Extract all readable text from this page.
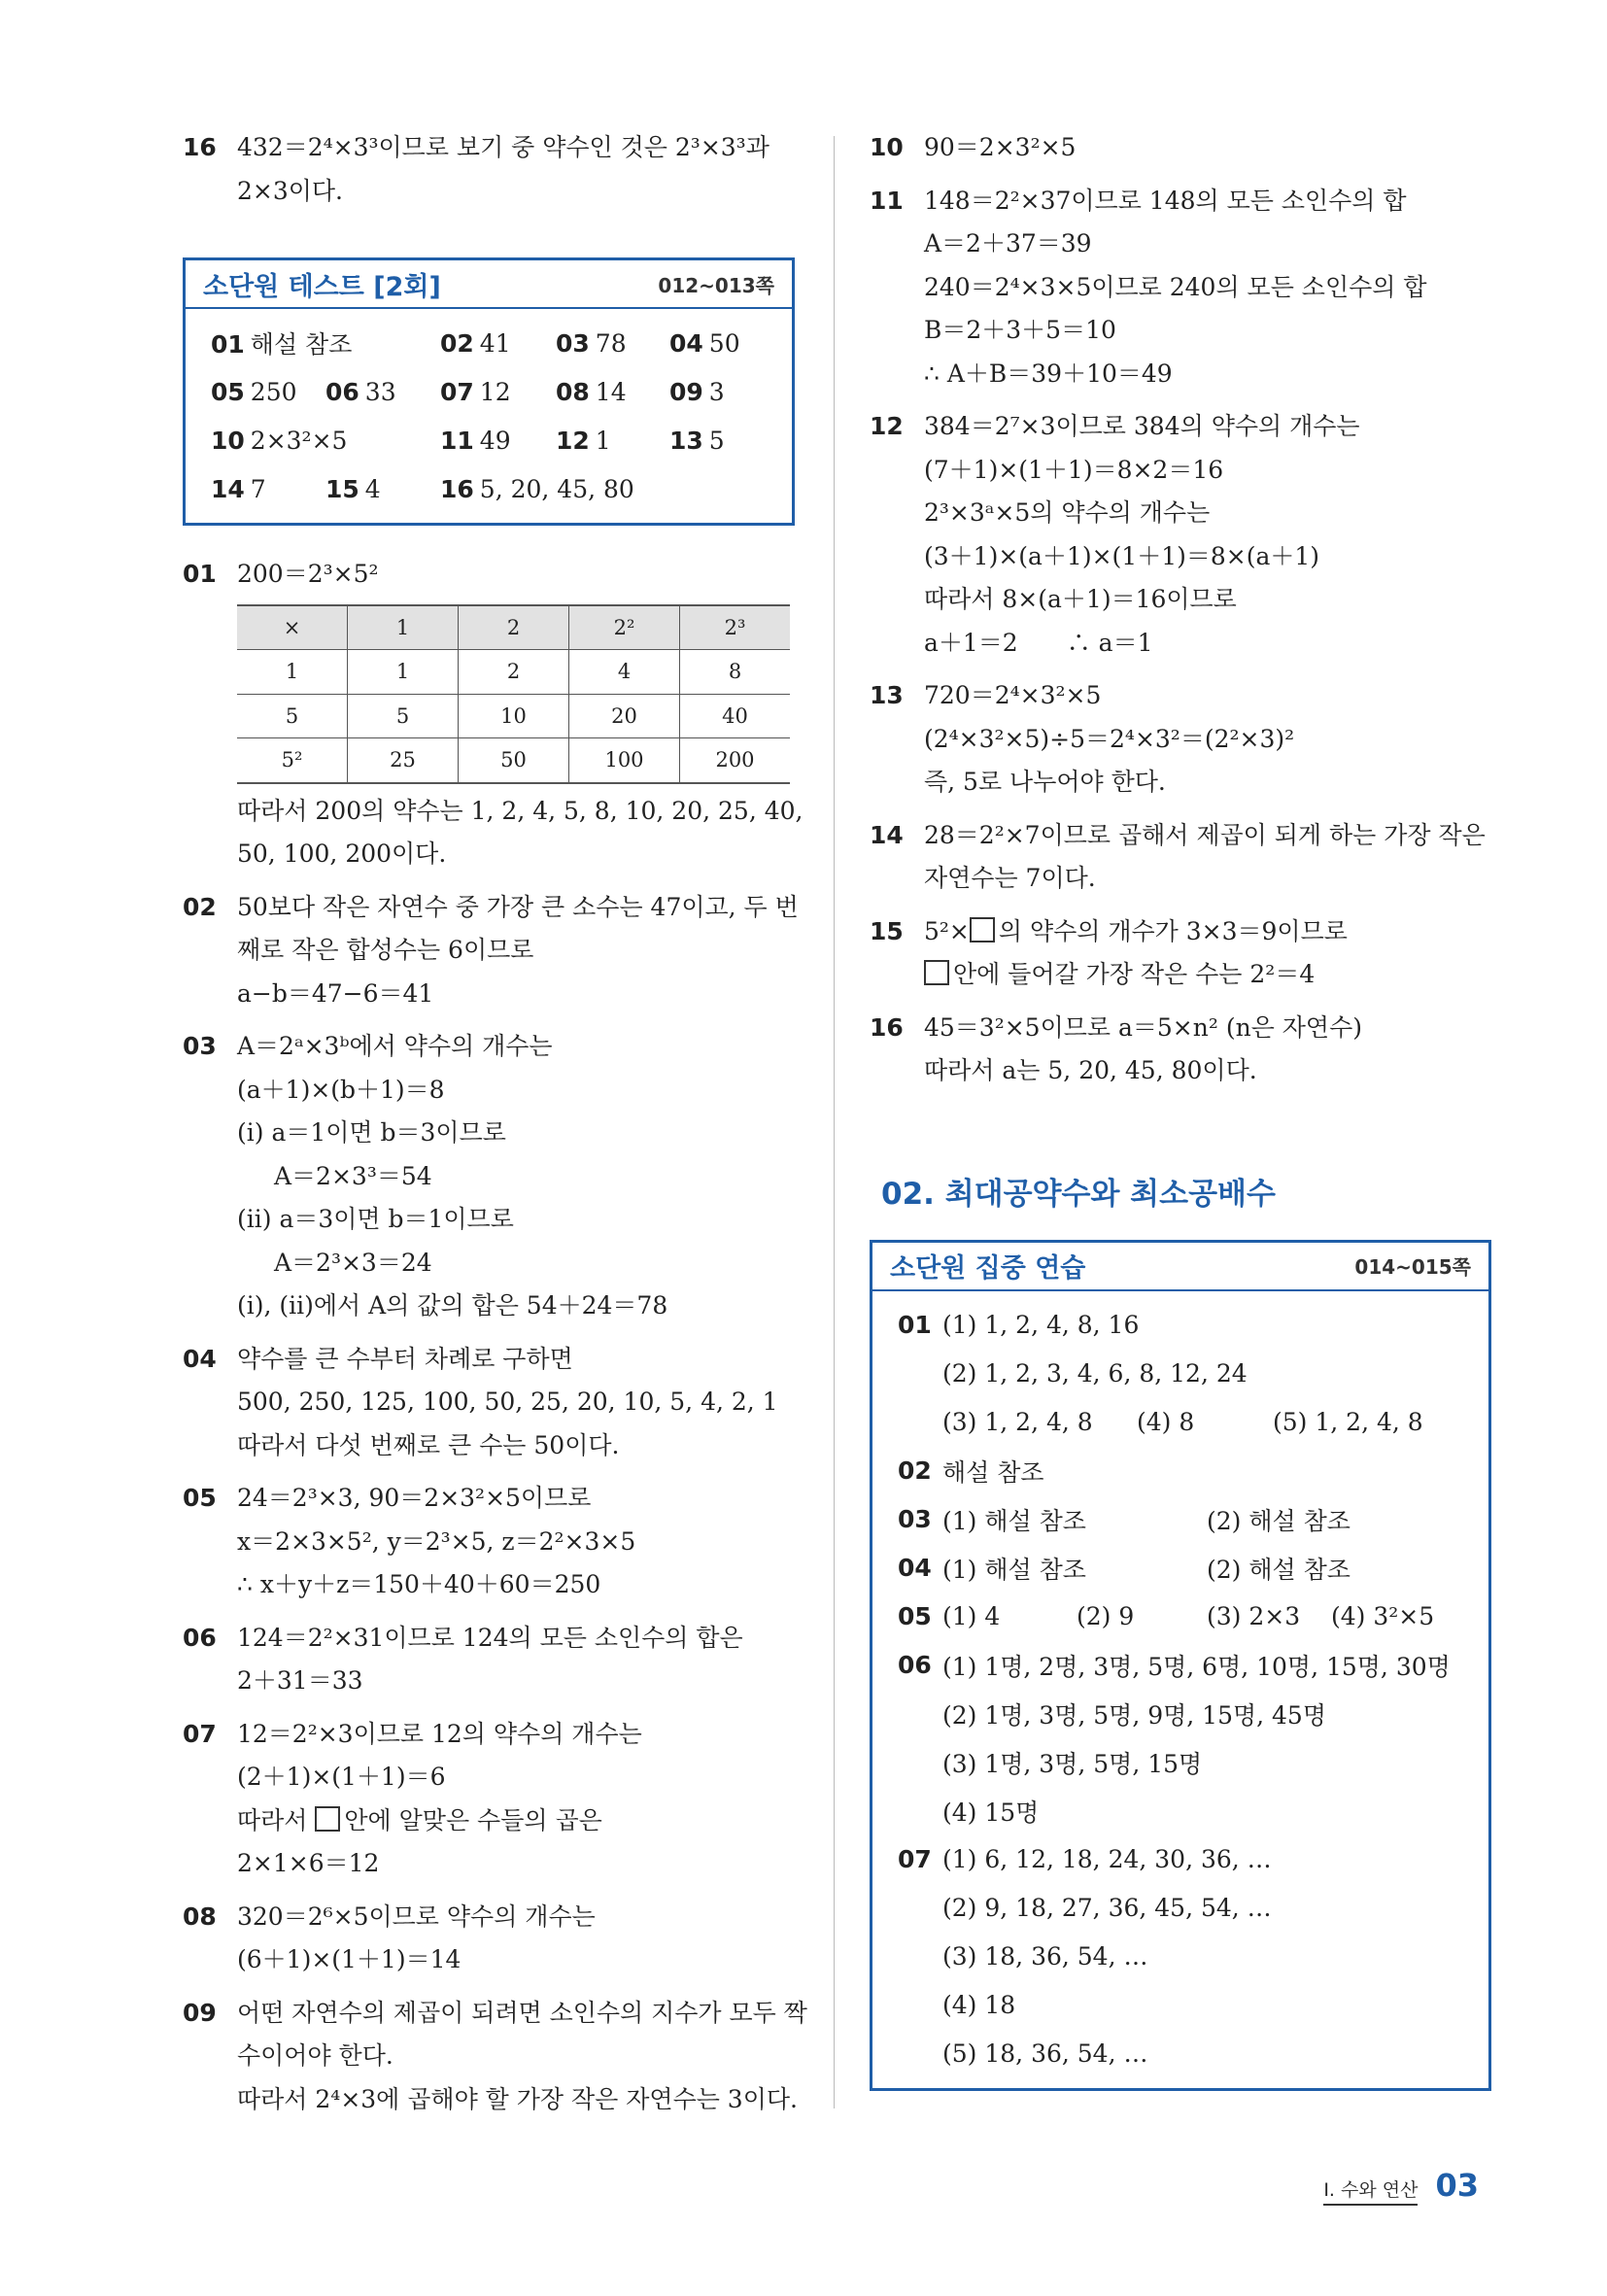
16 432＝2⁴×3³이므로 보기 중 약수인 것은 2³×3³과
2×3이다.
소단원 테스트 [2회]	012~013쪽
01 해설 참조	02 41 03 78 04 50
05 250 06 33 07 12 08 14 09 3
10 2×3²×5	11 49 12 1 13 5
14 7 15 4 16 5, 20, 45, 80
01 200＝2³×5²
×	1	2	2²	2³
1	1	2	4	8
5	5	10	20	40
5²	25	50	100	200
따라서 200의 약수는 1, 2, 4, 5, 8, 10, 20, 25, 40,
50, 100, 200이다.
02 50보다 작은 자연수 중 가장 큰 소수는 47이고, 두 번
째로 작은 합성수는 6이므로
a−b＝47−6＝41
03 A＝2ᵃ×3ᵇ에서 약수의 개수는
(a＋1)×(b＋1)＝8
(ⅰ) a＝1이면 b＝3이므로
A＝2×3³＝54
(ⅱ) a＝3이면 b＝1이므로
A＝2³×3＝24
(ⅰ), (ⅱ)에서 A의 값의 합은 54＋24＝78
04 약수를 큰 수부터 차례로 구하면
500, 250, 125, 100, 50, 25, 20, 10, 5, 4, 2, 1
따라서 다섯 번째로 큰 수는 50이다.
05 24＝2³×3, 90＝2×3²×5이므로
x＝2×3×5², y＝2³×5, z＝2²×3×5
∴ x＋y＋z＝150＋40＋60＝250
06 124＝2²×31이므로 124의 모든 소인수의 합은
2＋31＝33
07 12＝2²×3이므로 12의 약수의 개수는
(2＋1)×(1＋1)＝6
따라서 안에 알맞은 수들의 곱은
2×1×6＝12
08 320＝2⁶×5이므로 약수의 개수는
(6＋1)×(1＋1)＝14
09 어떤 자연수의 제곱이 되려면 소인수의 지수가 모두 짝
수이어야 한다.
따라서 2⁴×3에 곱해야 할 가장 작은 자연수는 3이다.
10 90＝2×3²×5
11 148＝2²×37이므로 148의 모든 소인수의 합
A＝2＋37＝39
240＝2⁴×3×5이므로 240의 모든 소인수의 합
B＝2＋3＋5＝10
∴ A＋B＝39＋10＝49
12 384＝2⁷×3이므로 384의 약수의 개수는
(7＋1)×(1＋1)＝8×2＝16
2³×3ᵃ×5의 약수의 개수는
(3＋1)×(a＋1)×(1＋1)＝8×(a＋1)
따라서 8×(a＋1)＝16이므로
a＋1＝2　　∴ a＝1
13 720＝2⁴×3²×5
(2⁴×3²×5)÷5＝2⁴×3²＝(2²×3)²
즉, 5로 나누어야 한다.
14 28＝2²×7이므로 곱해서 제곱이 되게 하는 가장 작은
자연수는 7이다.
15 5²× 의 약수의 개수가 3×3＝9이므로
안에 들어갈 가장 작은 수는 2²＝4
16 45＝3²×5이므로 a＝5×n² (n은 자연수)
따라서 a는 5, 20, 45, 80이다.
02. 최대공약수와 최소공배수
소단원 집중 연습	014~015쪽
01 (1) 1, 2, 4, 8, 16
(2) 1, 2, 3, 4, 6, 8, 12, 24
(3) 1, 2, 4, 8 (4) 8	(5) 1, 2, 4, 8
02 해설 참조
03 (1) 해설 참조	(2) 해설 참조
04 (1) 해설 참조	(2) 해설 참조
05 (1) 4	(2) 9	(3) 2×3 (4) 3²×5
06 (1) 1명, 2명, 3명, 5명, 6명, 10명, 15명, 30명
(2) 1명, 3명, 5명, 9명, 15명, 45명
(3) 1명, 3명, 5명, 15명
(4) 15명
07 (1) 6, 12, 18, 24, 30, 36, …
(2) 9, 18, 27, 36, 45, 54, …
(3) 18, 36, 54, …
(4) 18
(5) 18, 36, 54, …
Ⅰ. 수와 연산 03
